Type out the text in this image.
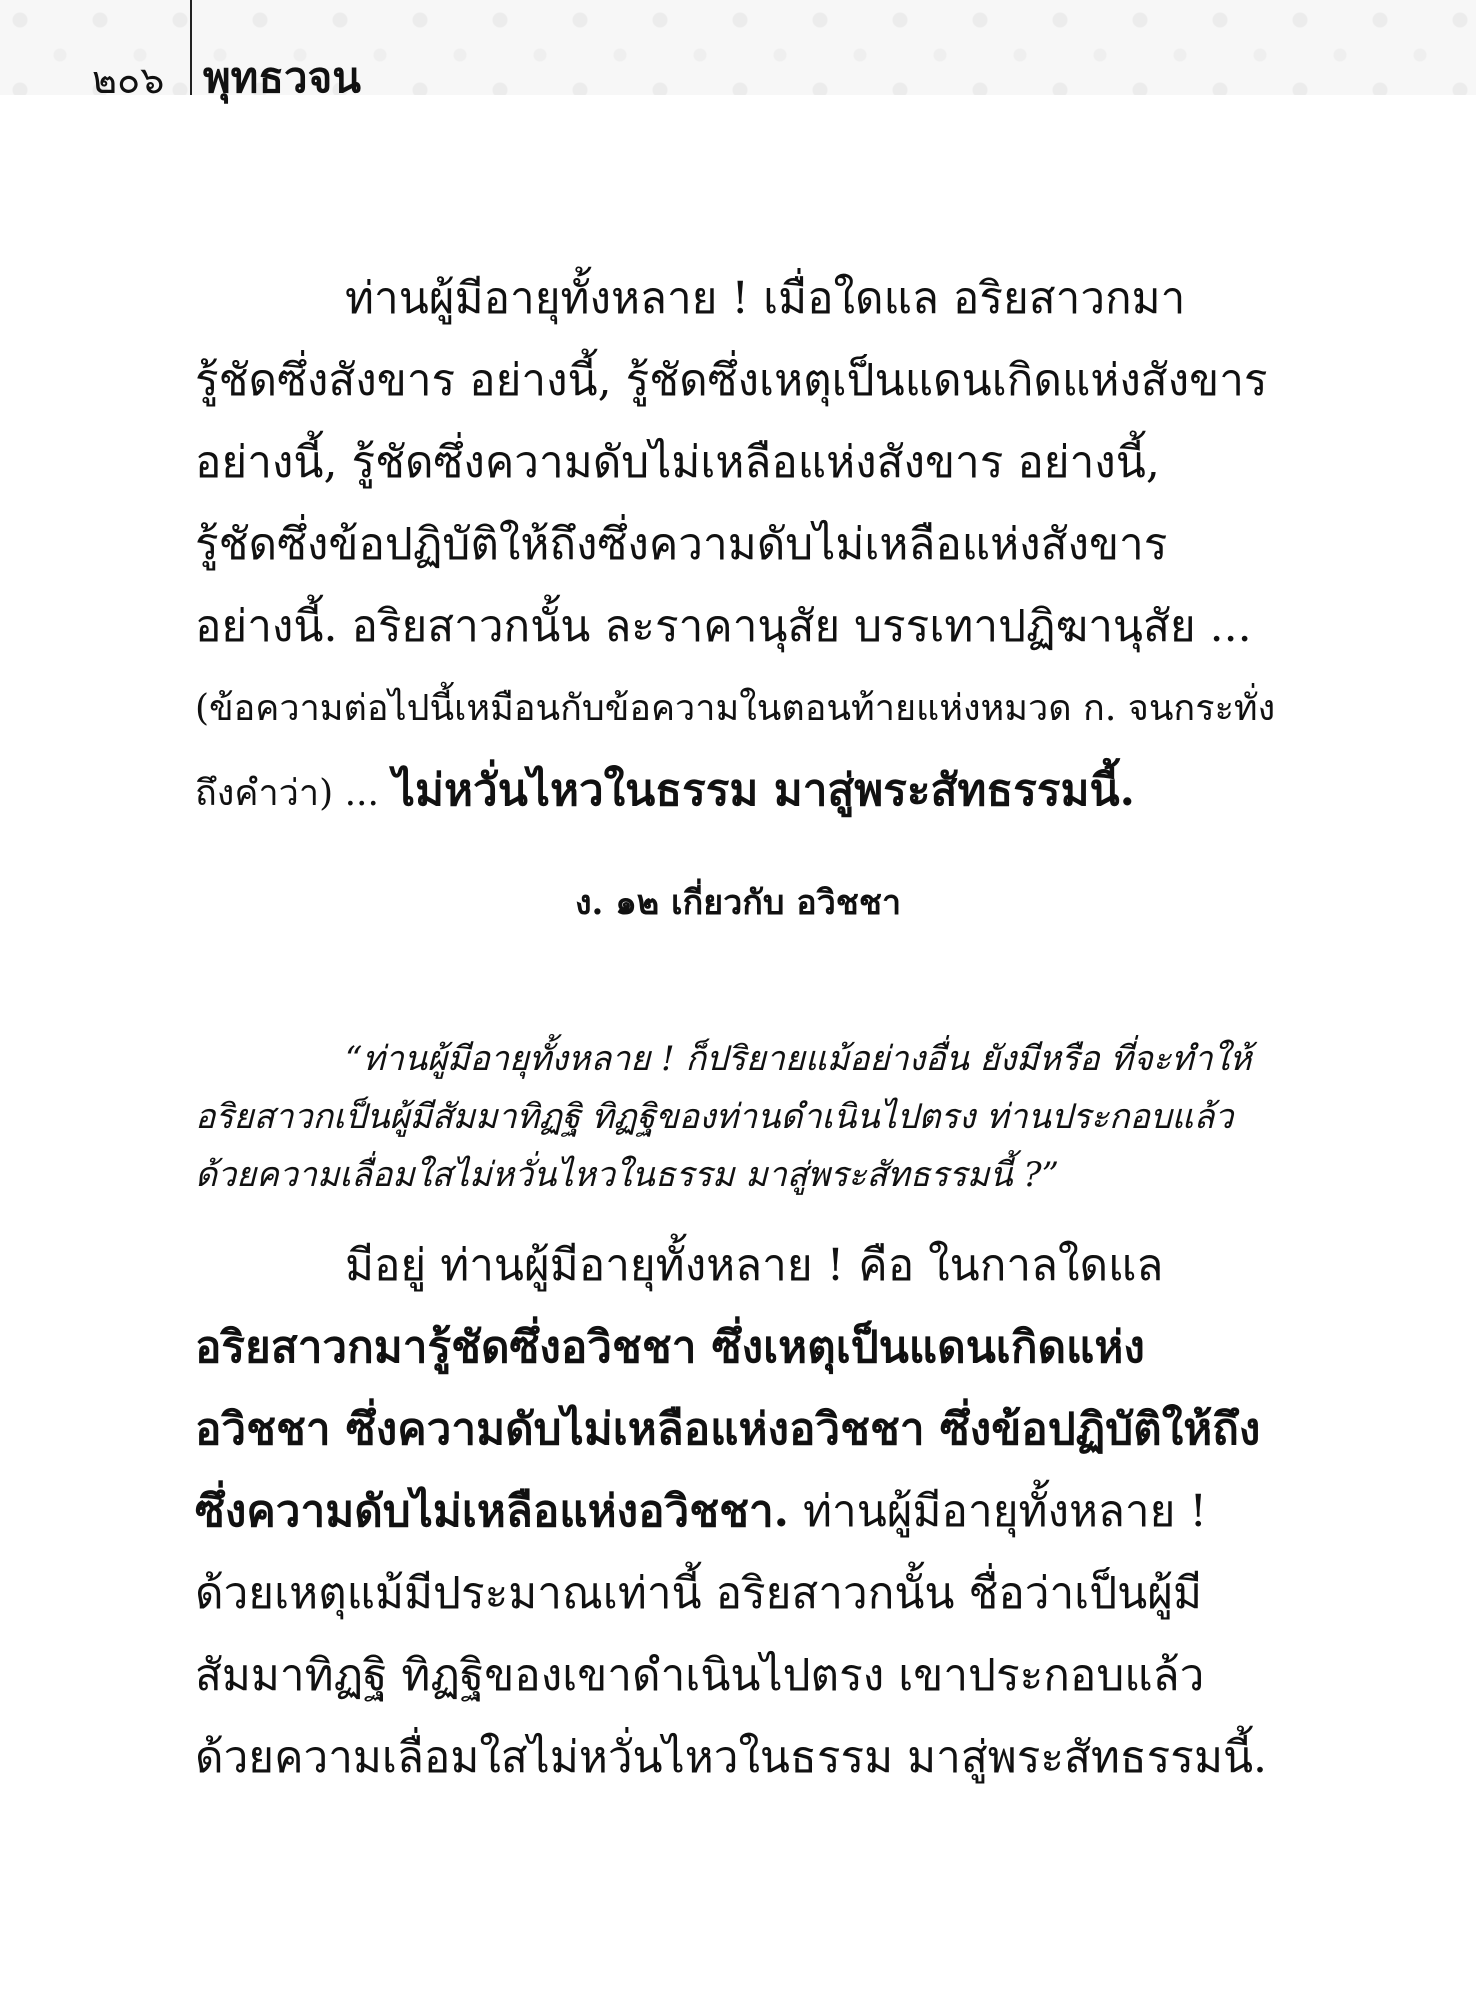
๒๐๖ พุทธวจน
ท่านผู้มีอายุทั้งหลาย ! เมื่อใดแล อริยสาวกมา
รู้ชัดซึ่งสังขาร อย่างนี้, รู้ชัดซึ่งเหตุเป็นแดนเกิดแห่งสังขาร
อย่างนี้, รู้ชัดซึ่งความดับไม่เหลือแห่งสังขาร อย่างนี้,
รู้ชัดซึ่งข้อปฏิบัติให้ถึงซึ่งความดับไม่เหลือแห่งสังขาร
อย่างนี้. อริยสาวกนั้น ละราคานุสัย บรรเทาปฏิฆานุสัย ...
(ข้อความต่อไปนี้เหมือนกับข้อความในตอนท้ายแห่งหมวด ก. จนกระทั่ง
ถึงคำว่า) ... ไม่หวั่นไหวในธรรม มาสู่พระสัทธรรมนี้.
ง. ๑๒ เกี่ยวกับ อวิชชา
“ท่านผู้มีอายุทั้งหลาย ! ก็ปริยายแม้อย่างอื่น ยังมีหรือ ที่จะทำให้
อริยสาวกเป็นผู้มีสัมมาทิฏฐิ ทิฏฐิของท่านดำเนินไปตรง ท่านประกอบแล้ว
ด้วยความเลื่อมใสไม่หวั่นไหวในธรรม มาสู่พระสัทธรรมนี้ ?”
มีอยู่ ท่านผู้มีอายุทั้งหลาย ! คือ ในกาลใดแล
อริยสาวกมารู้ชัดซึ่งอวิชชา ซึ่งเหตุเป็นแดนเกิดแห่ง
อวิชชา ซึ่งความดับไม่เหลือแห่งอวิชชา ซึ่งข้อปฏิบัติให้ถึง
ซึ่งความดับไม่เหลือแห่งอวิชชา. ท่านผู้มีอายุทั้งหลาย !
ด้วยเหตุแม้มีประมาณเท่านี้ อริยสาวกนั้น ชื่อว่าเป็นผู้มี
สัมมาทิฏฐิ ทิฏฐิของเขาดำเนินไปตรง เขาประกอบแล้ว
ด้วยความเลื่อมใสไม่หวั่นไหวในธรรม มาสู่พระสัทธรรมนี้.
